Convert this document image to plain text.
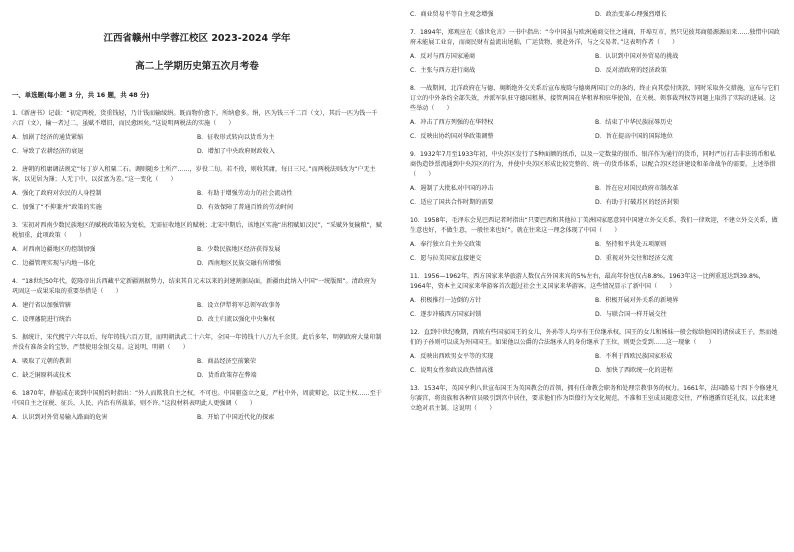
江西省赣州中学蓉江校区 2023-2024 学年

高二上学期历史第五次月考卷

一、单选题(每小题 3 分，共 16 题，共 48 分)

1.《新唐书》记载：“初定两税，货重钱轻，乃计钱而输绫绢。既而物价愈下，所纳愈多。绢，匹为钱三千二百（文），其后一匹为钱一千六百（文），输一者过二，虽赋不增旧，而民愈困矣。”这说明两税法的实施（　　）

A．加剧了经济的通货紧缩	B．征收形式转向以货币为主
C．导致了农耕经济的衰退	D．增加了中央政府财政收入

2．唐朝的租庸调法规定“每丁岁入租粟二石。调则随乡土所产……，岁役二旬。若不役，则收其庸，每日三尺。”而两税法则改为“户无主客，以见居为簿；人无丁中，以贫富为差。”这一变化（　　）

A．强化了政府对农民的人身控制	B．有助于增强劳动力的社会流动性
C．加强了“不抑兼并”政策的实施	D．有效保障了普通百姓的劳动时间

3．宋初对西南少数民族地区的赋税政策较为宽松，无需征收地区的赋税；北宋中期后，该地区实施“出租赋如汉民”，“采赋外复输粮”，赋税加重，此项政策（　　）

A．对西南边疆地区的控制加强	B．少数民族地区经济获得发展
C．边疆管理实现与内地一体化	D．西南地区民族交融有所增强

4．“18世纪50年代，乾隆帝出兵西藏平定新疆割据势力，结束其自元末以来的封建割据局面，新疆由此纳入中国“一统版图”。清政府为巩固这一成果采取的重要举措是（　　）

A．建行省以加强管辖	B．设立伊犁将军总领军政事务
C．设理藩院进行统治	D．改土归流以强化中央集权

5．据统计，宋代熙宁六年以后，每年铸钱六百万贯，而明朝洪武二十六年，全国一年铸钱十八万九千余贯。此后多年，明朝政府大量印制并没有准备金的宝钞，严禁使用金银交易。这说明，明朝（　　）

A．吸取了元朝的教训	B．商品经济空前繁荣
C．缺乏铜原料或技术	D．货币政策存在弊端

6．1870年，薛福成在谈到中国照约时指出：“外人而欺我自主之权，不可也。中国驱盗立之夏，严杜中外，周旋辩论，以定主权……至于中国自主之征税、征兵、人民、内治有所裁革，则不许。”这段材料表明此人更强调（　　）

A．认识到对外贸易输入路面的危害	B．开始了中国近代化的探索
C．商业贸易平等自主观念增强	D．政治变革心理强烈增长

7．1894年，郑观应在《盛世危言》一书中指出：“今中国虽与欧洲通商交往之通商，开埠互市，然只见彼邦商船源源而来……独惜中国政府未能展工业育，而商民财有益流出尾舶，广运货物，驶赴外洋，与之交易者。”这表明作者（　　）

A．反对与西方国家通商	B．认识到中国对外贸易的挑战
C．主张与西方进行商战	D．反对清政府的经济政策

8．一战期间，北洋政府在与德、奥断绝外交关系后宣布废除与德奥两国订立的条约，终止向其偿付庚款，同时采取外交措施，宣布与它们订立的中外条约全部失效，并派军队驻守德国租界，接管两国在华租界和驻华使馆，在关税、领事裁判权等问题上取得了实际的进展。这些举动（　　）

A．冲击了西方列强的在华特权	B．结束了中华民族屈辱历史
C．反映出协约国对华政策调整	D．旨在提高中国的国际地位

9．1932年7月至1933年初，中央苏区发行了5种面额的纸币，以及一定数量的银币、银洋作为通行的货币，同时严厉打击非法铸币和私商伪造钞票流通到中央苏区的行为，并使中央苏区形成比较完整的、统一的货币体系，以配合苏区经济建设和革命战争的需要。上述举措（　　）

A．遏制了大批私对中国的冲击	B．旨在应对国民政府市制改革
C．适应了国共合作时期的需要	D．有助于打破苏区的经济封锁

10．1958年，毛泽东会见巴西记者时指出“只要巴西和其他拉丁美洲国家愿意同中国建立外交关系，我们一律欢迎，不建立外交关系，做生意也好，不做生意，一般往来也好”。就在往来这一理念体现了中国（　　）

A．奉行独立自主外交政策	B．坚持和平共处五项原则
C．愿与拉美国家直接建交	D．重视对外交往和经济交流

11．1956—1962年，西方国家来华旅游人数仅占外国来宾的5%左右，最高年份也仅占8.8%。1963年这一比例重返达到39.8%，1964年，资本主义国家来华游客首次超过社会主义国家来华游客。这些情况显示了新中国（　　）

A．积极推行一边倒的方针	B．积极开展对外关系的新境界
C．逐步冲破西方国家封锁	D．与联合国一样开展交往

12．直到中世纪晚期，西欧有些国家国王的女儿，外孙等人均享有王位继承权。国王的女儿和姊妹一般会嫁给他国的诸侯或王子，然而她们的子孙则可以成为外国国王。如果他以公爵的合法继承人的身份继承了王位，则更会受到……这一现象（　　）

A．反映出西欧男女平等的实现	B．不利于西欧民族国家形成
C．说明女性参政议政热情高涨	D．加快了西欧统一化的进程

13．1534年，英国亨利八世宣布国王为英国教会的首领，拥有任命教会职务和处理宗教事务的权力。1661年，法国路易十四下令修建凡尔赛宫，将贵族和各种官员吸引到宫中居住，要求他们作为臣僚行为文化规范，不准和王室成员随意交往，严格遵循宫廷礼仪，以此来建立绝对君主制。这说明（　　）
